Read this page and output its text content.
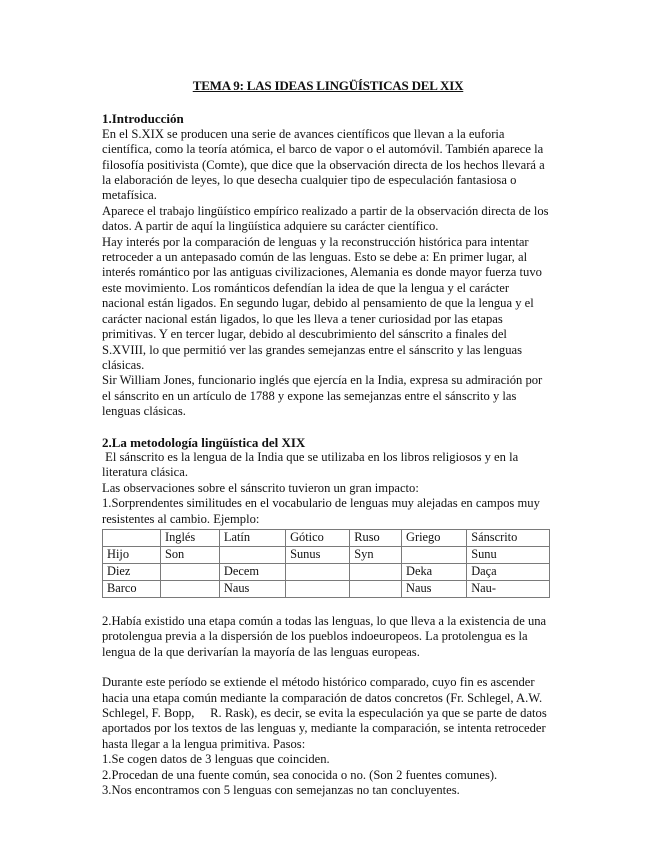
TEMA 9: LAS IDEAS LINGÜÍSTICAS DEL XIX
1.Introducción

En el S.XIX se producen una serie de avances científicos que llevan a la euforia científica, como la teoría atómica, el barco de vapor o el automóvil. También aparece la filosofía positivista (Comte), que dice que la observación directa de los hechos llevará a la elaboración de leyes, lo que desecha cualquier tipo de especulación fantasiosa o metafísica.

Aparece el trabajo lingüístico empírico realizado a partir de la observación directa de los datos. A partir de aquí la lingüística adquiere su carácter científico.

Hay interés por la comparación de lenguas y la reconstrucción histórica para intentar retroceder a un antepasado común de las lenguas. Esto se debe a: En primer lugar, al interés romántico por las antiguas civilizaciones, Alemania es donde mayor fuerza tuvo este movimiento. Los románticos defendían la idea de que la lengua y el carácter nacional están ligados. En segundo lugar, debido al pensamiento de que la lengua y el carácter nacional están ligados, lo que les lleva a tener curiosidad por las etapas primitivas. Y en tercer lugar, debido al descubrimiento del sánscrito a finales del S.XVIII, lo que permitió ver las grandes semejanzas entre el sánscrito y las lenguas clásicas.

Sir William Jones, funcionario inglés que ejercía en la India, expresa su admiración por el sánscrito en un artículo de 1788 y expone las semejanzas entre el sánscrito y las lenguas clásicas.

2.La metodología lingüística del XIX

El sánscrito es la lengua de la India que se utilizaba en los libros religiosos y en la literatura clásica.

Las observaciones sobre el sánscrito tuvieron un gran impacto:

1.Sorprendentes similitudes en el vocabulario de lenguas muy alejadas en campos muy resistentes al cambio. Ejemplo:

	Inglés	Latín	Gótico	Ruso	Griego	Sánscrito
Hijo	Son		Sunus	Syn		Sunu
Diez		Decem			Deka	Daça
Barco		Naus			Naus	Nau-

2.Había existido una etapa común a todas las lenguas, lo que lleva a la existencia de una protolengua previa a la dispersión de los pueblos indoeuropeos. La protolengua es la lengua de la que derivarían la mayoría de las lenguas europeas.

Durante este período se extiende el método histórico comparado, cuyo fin es ascender hacia una etapa común mediante la comparación de datos concretos (Fr. Schlegel, A.W. Schlegel, F. Bopp,     R. Rask), es decir, se evita la especulación ya que se parte de datos aportados por los textos de las lenguas y, mediante la comparación, se intenta retroceder hasta llegar a la lengua primitiva. Pasos:

1.Se cogen datos de 3 lenguas que coinciden.

2.Procedan de una fuente común, sea conocida o no. (Son 2 fuentes comunes).

3.Nos encontramos con 5 lenguas con semejanzas no tan concluyentes.
